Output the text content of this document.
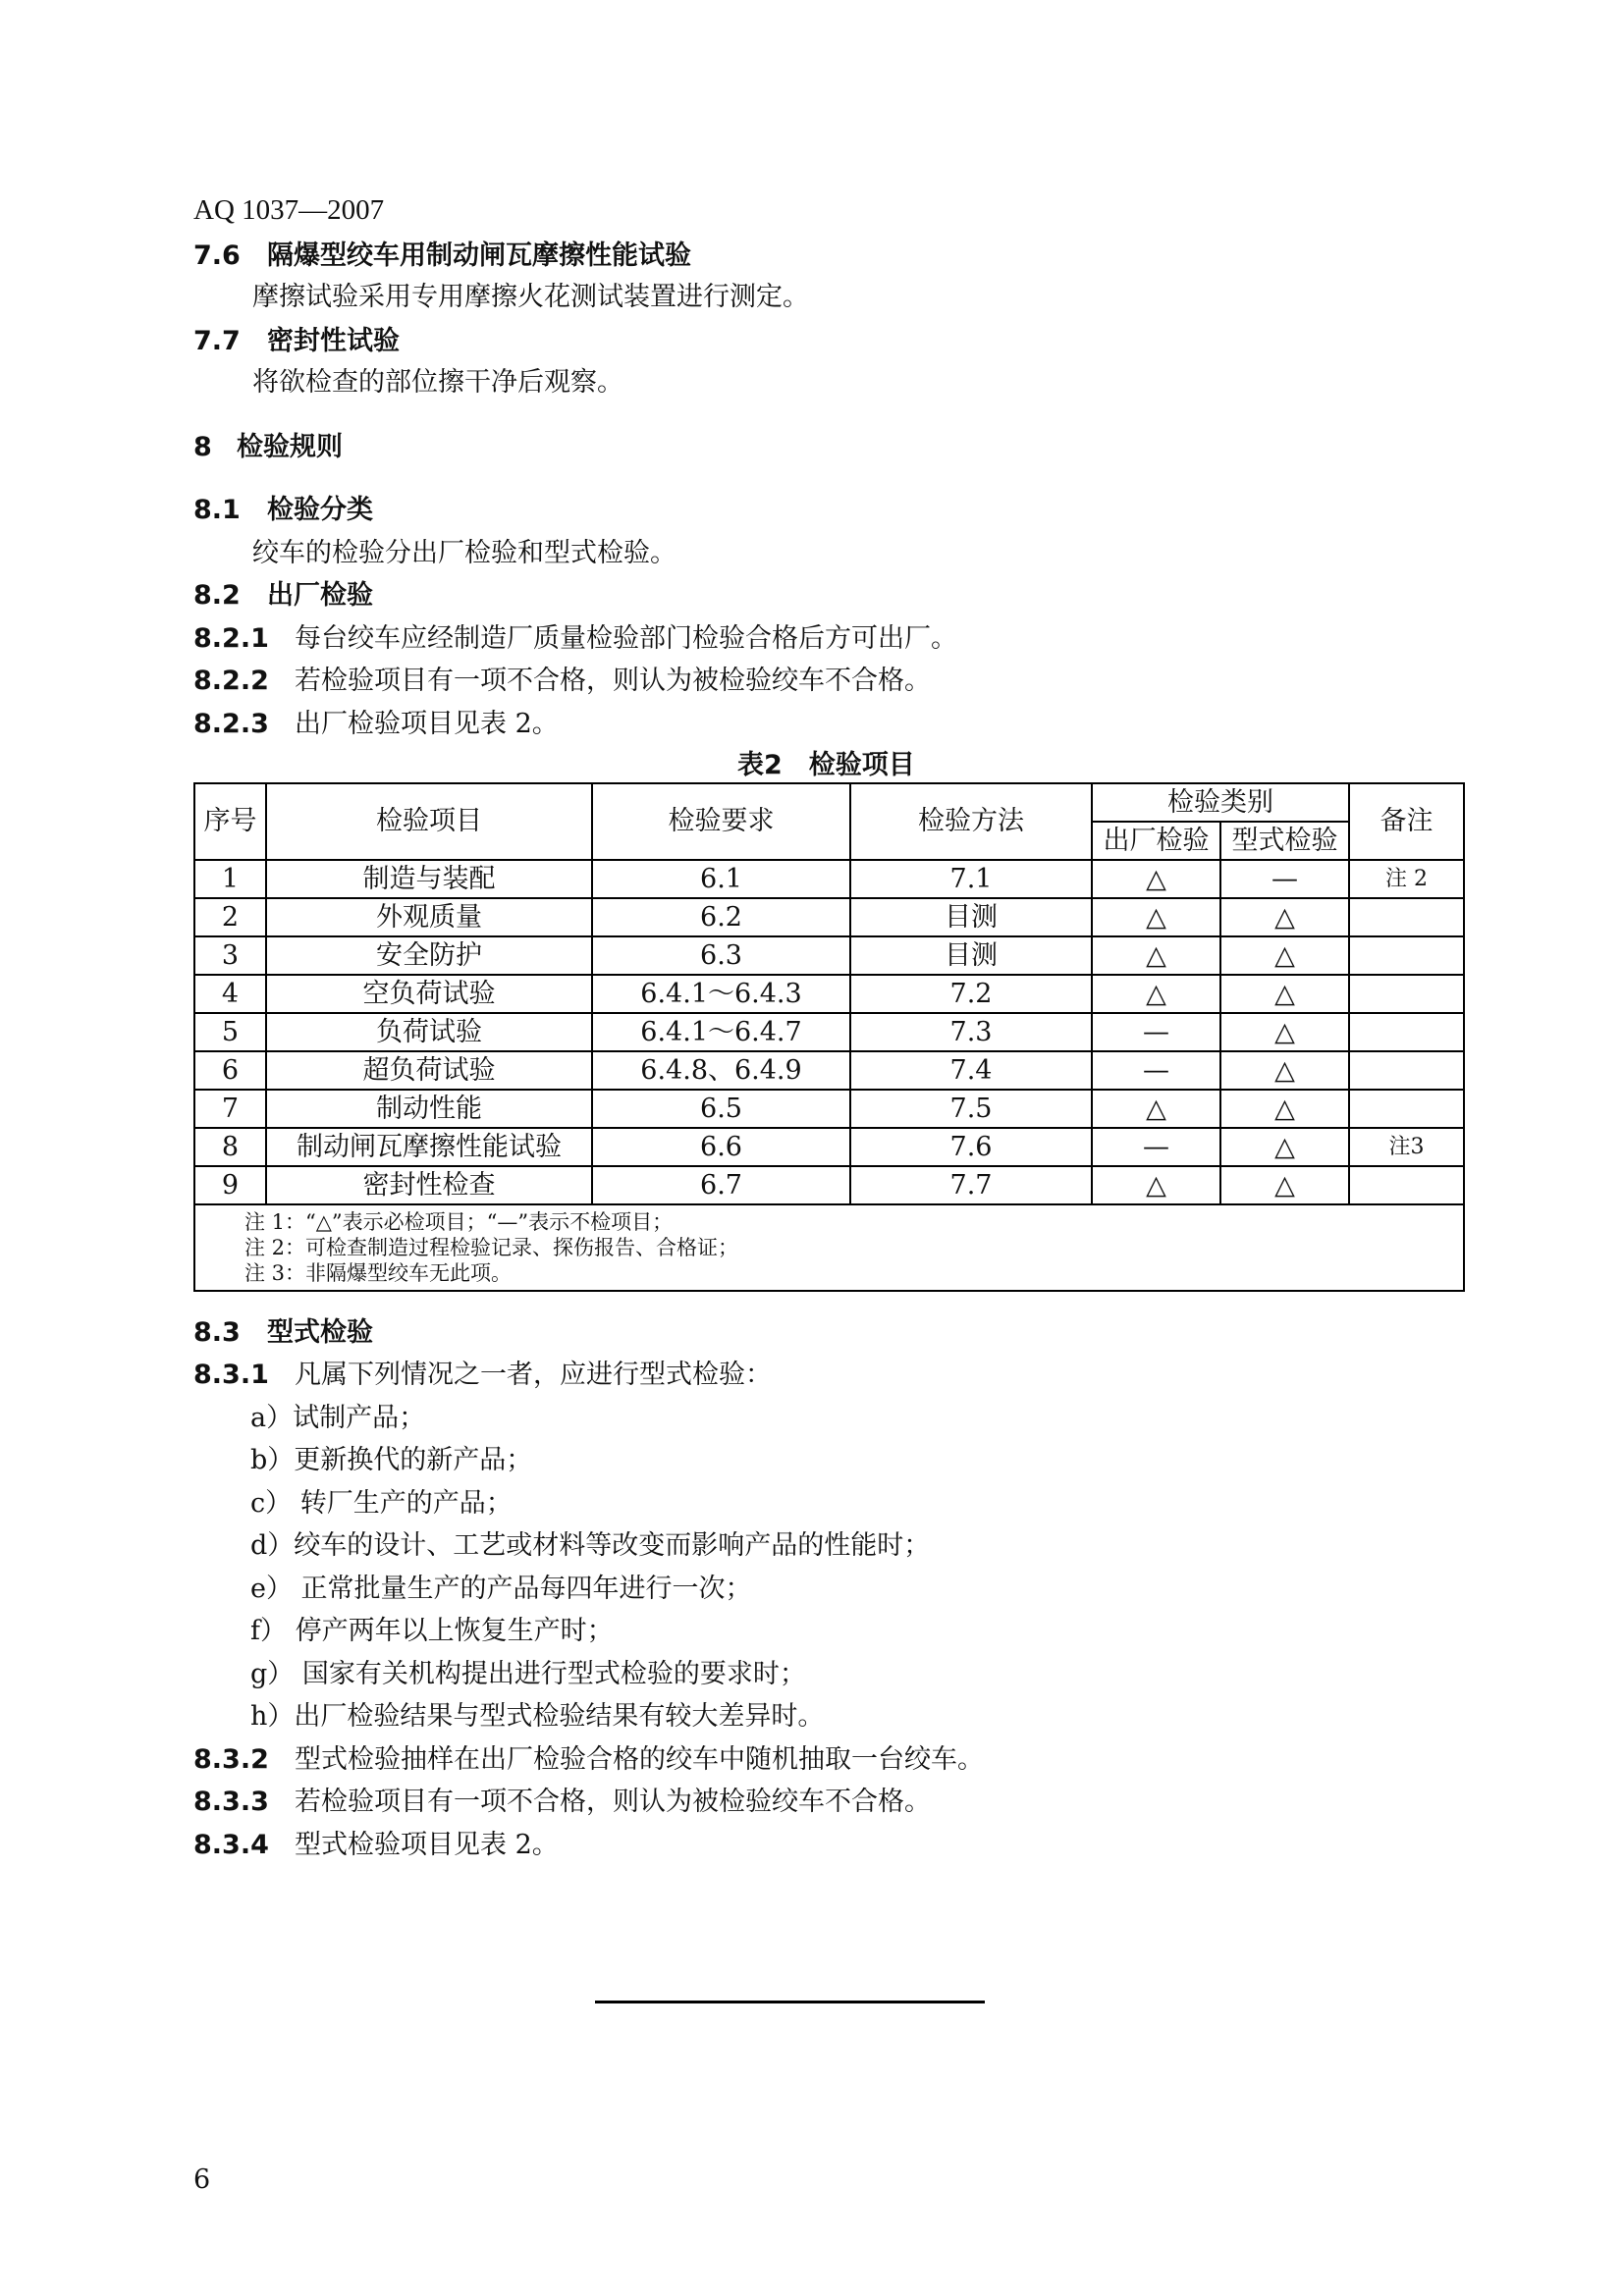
AQ 1037—2007
7.6 隔爆型绞车用制动闸瓦摩擦性能试验
摩擦试验采用专用摩擦火花测试装置进行测定。
7.7 密封性试验
将欲检查的部位擦干净后观察。
8 检验规则
8.1 检验分类
绞车的检验分出厂检验和型式检验。
8.2 出厂检验
8.2.1 每台绞车应经制造厂质量检验部门检验合格后方可出厂。
8.2.2 若检验项目有一项不合格，则认为被检验绞车不合格。
8.2.3 出厂检验项目见表 2。
表2　检验项目
序号	检验项目	检验要求	检验方法	检验类别		备注
				出厂检验	型式检验	
1	制造与装配	6.1	7.1	△	—	注 2
2	外观质量	6.2	目测	△	△	
3	安全防护	6.3	目测	△	△	
4	空负荷试验	6.4.1～6.4.3	7.2	△	△	
5	负荷试验	6.4.1～6.4.7	7.3	—	△	
6	超负荷试验	6.4.8、6.4.9	7.4	—	△	
7	制动性能	6.5	7.5	△	△	
8	制动闸瓦摩擦性能试验	6.6	7.6	—	△	注3
9	密封性检查	6.7	7.7	△	△	

注 1：“△”表示必检项目；“—”表示不检项目；
注 2：可检查制造过程检验记录、探伤报告、合格证；
注 3：非隔爆型绞车无此项。						
8.3 型式检验
8.3.1 凡属下列情况之一者，应进行型式检验：
a）试制产品；
b）更新换代的新产品；
c） 转厂生产的产品；
d）绞车的设计、工艺或材料等改变而影响产品的性能时；
e） 正常批量生产的产品每四年进行一次；
f） 停产两年以上恢复生产时；
g） 国家有关机构提出进行型式检验的要求时；
h）出厂检验结果与型式检验结果有较大差异时。
8.3.2 型式检验抽样在出厂检验合格的绞车中随机抽取一台绞车。
8.3.3 若检验项目有一项不合格，则认为被检验绞车不合格。
8.3.4 型式检验项目见表 2。
6
